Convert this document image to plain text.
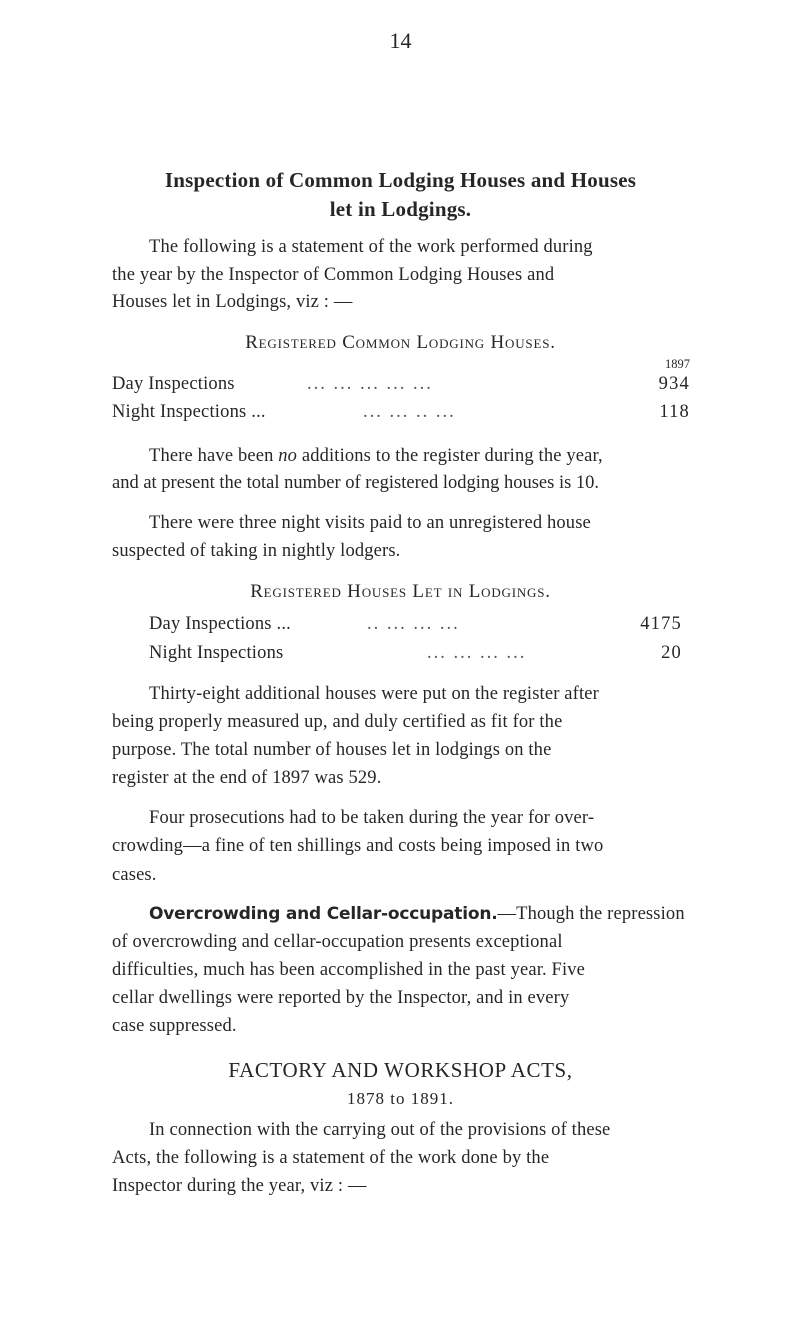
14
Inspection of Common Lodging Houses and Houses
let in Lodgings.
The following is a statement of the work performed during
the year by the Inspector of Common Lodging Houses and
Houses let in Lodgings, viz : —
Registered Common Lodging Houses.
1897
Day Inspections	... ... ... ... ...	934
Night Inspections ...	... ... .. ...	118
There have been no additions to the register during the year,
and at present the total number of registered lodging houses is 10.
There were three night visits paid to an unregistered house
suspected of taking in nightly lodgers.
Registered Houses Let in Lodgings.
Day Inspections ...	.. ... ... ...	4175
Night Inspections	... ... ... ...	20
Thirty-eight additional houses were put on the register after
being properly measured up, and duly certified as fit for the
purpose. The total number of houses let in lodgings on the
register at the end of 1897 was 529.
Four prosecutions had to be taken during the year for over-
crowding—a fine of ten shillings and costs being imposed in two
cases.
Overcrowding and Cellar-occupation.—Though the repression
of overcrowding and cellar-occupation presents exceptional
difficulties, much has been accomplished in the past year. Five
cellar dwellings were reported by the Inspector, and in every
case suppressed.
FACTORY AND WORKSHOP ACTS,
1878 to 1891.
In connection with the carrying out of the provisions of these
Acts, the following is a statement of the work done by the
Inspector during the year, viz : —
